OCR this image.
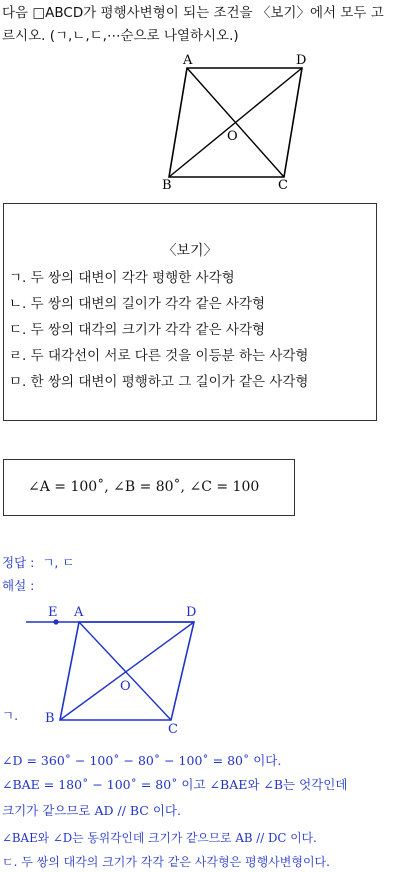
다음 □ABCD가 평행사변형이 되는 조건을 〈보기〉에서 모두 고
르시오. (ㄱ,ㄴ,ㄷ,⋯순으로 나열하시오.)
A	D
B	C
O
〈보기〉
ㄱ. 두 쌍의 대변이 각각 평행한 사각형
ㄴ. 두 쌍의 대변의 길이가 각각 같은 사각형
ㄷ. 두 쌍의 대각의 크기가 각각 같은 사각형
ㄹ. 두 대각선이 서로 다른 것을 이등분 하는 사각형
ㅁ. 한 쌍의 대변이 평행하고 그 길이가 같은 사각형
∠A = 100˚, ∠B = 80˚, ∠C = 100
정답 : ㄱ, ㄷ
해설 :
E A	D
B
C
O
ㄱ.
∠D = 360˚ − 100˚ − 80˚ − 100˚ = 80˚ 이다.
∠BAE = 180˚ − 100˚ = 80˚ 이고 ∠BAE와 ∠B는 엇각인데
크기가 같으므로 AD // BC 이다.
∠BAE와 ∠D는 동위각인데 크기가 같으므로 AB // DC 이다.
ㄷ. 두 쌍의 대각의 크기가 각각 같은 사각형은 평행사변형이다.
